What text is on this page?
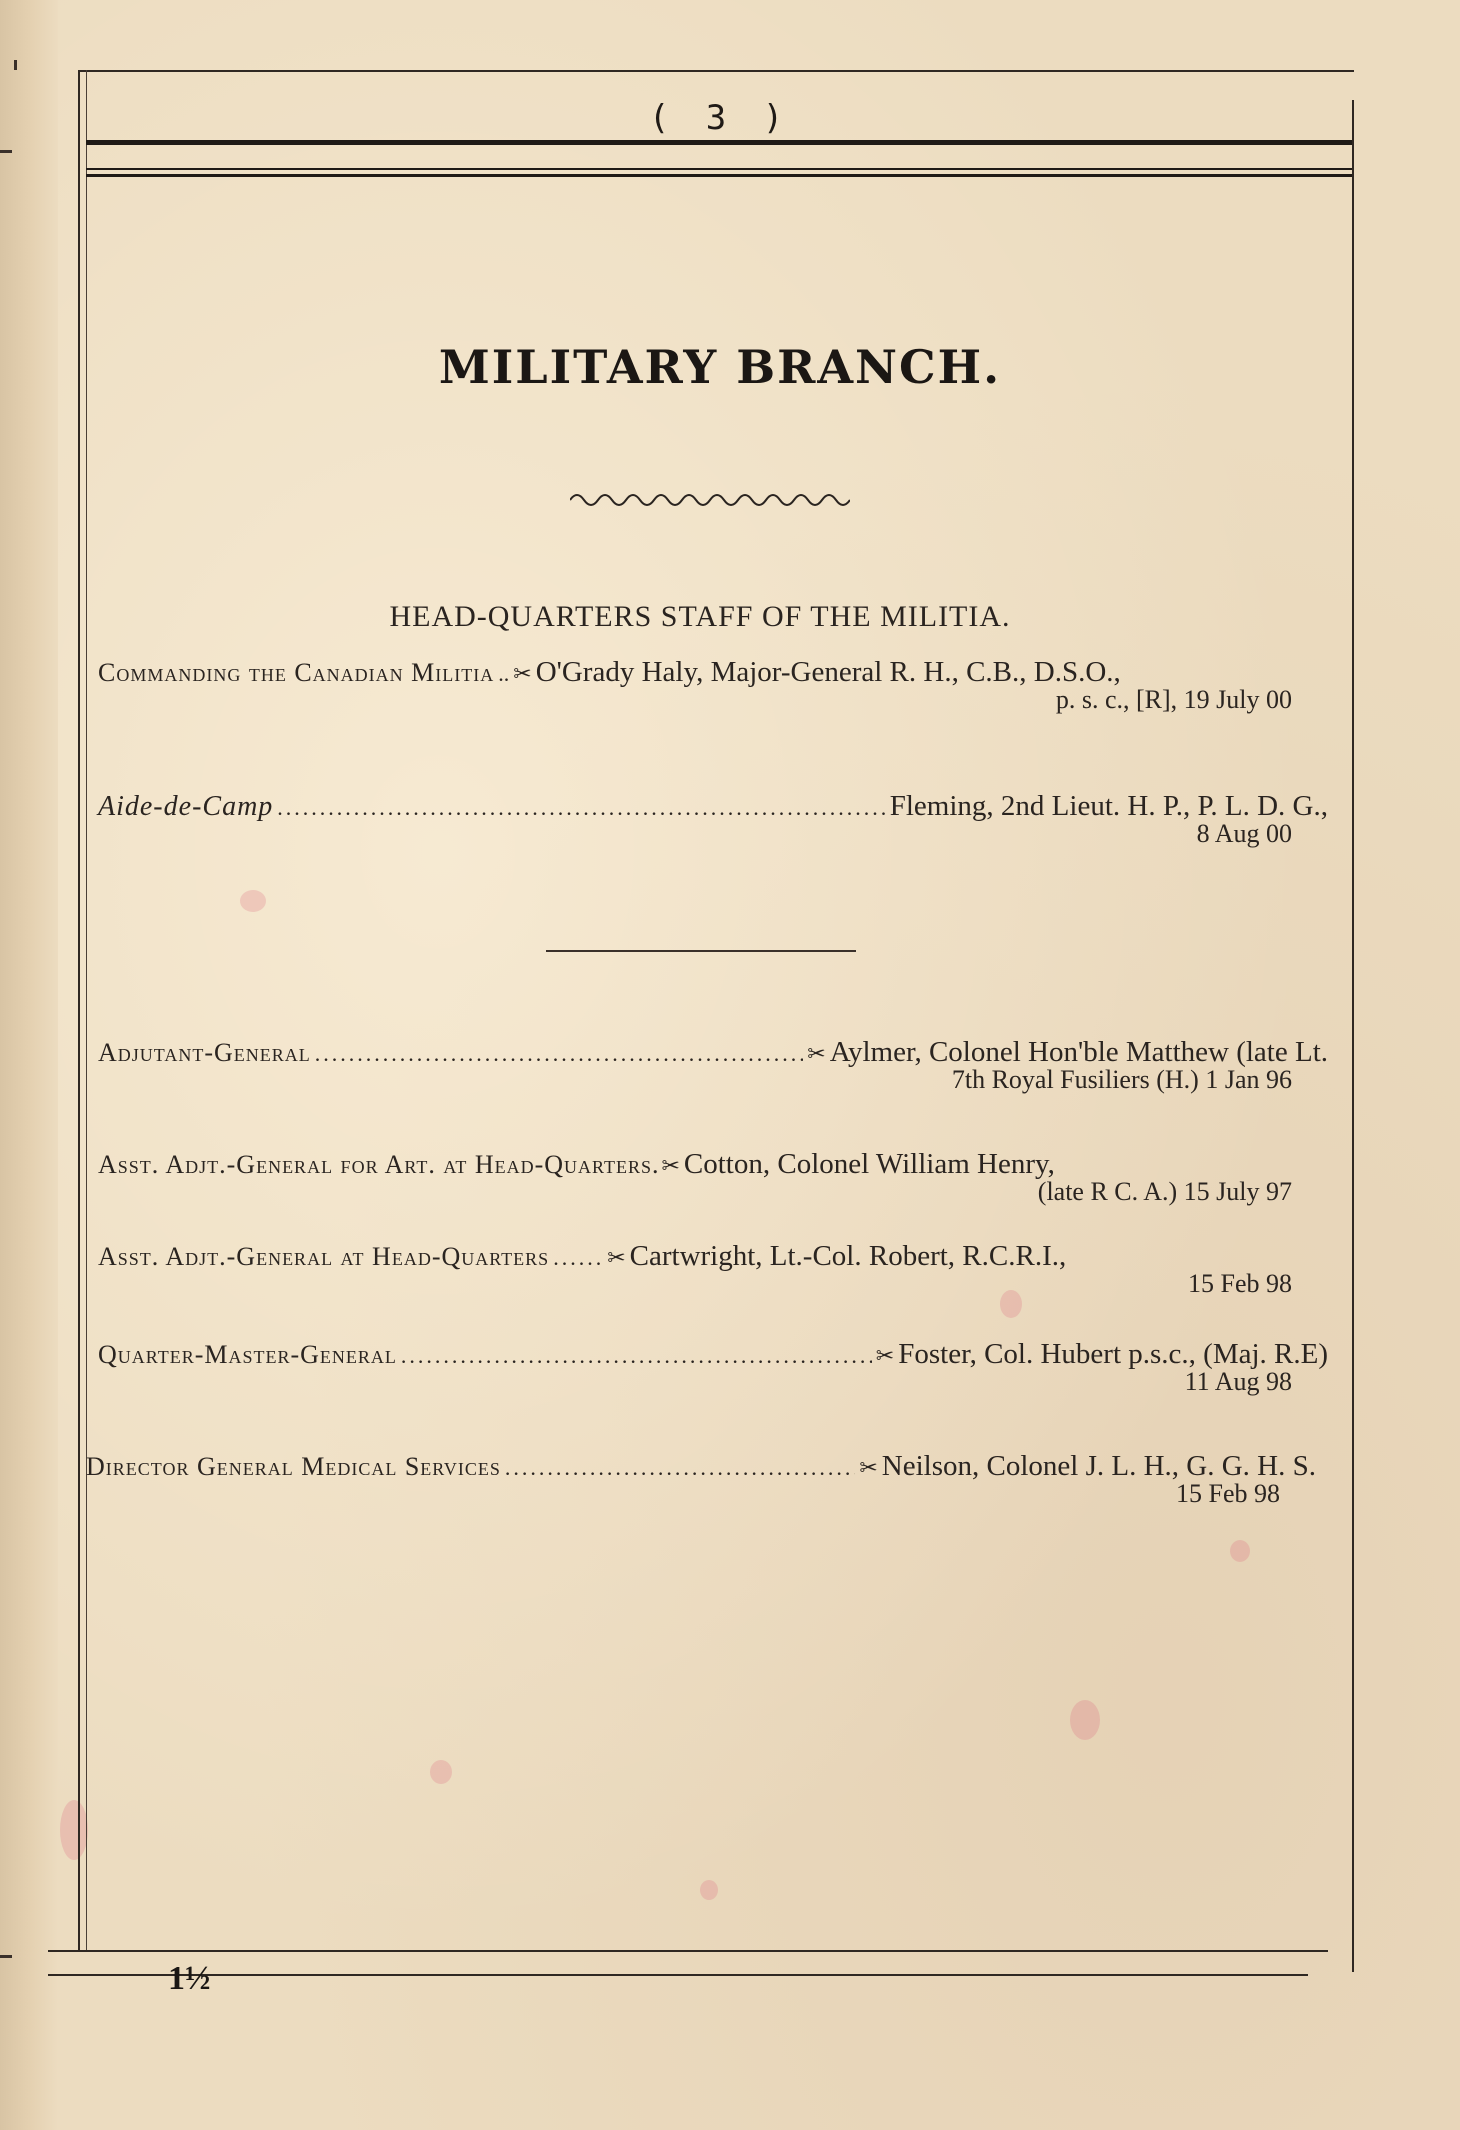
( 3 )
MILITARY BRANCH.
HEAD-QUARTERS STAFF OF THE MILITIA.
Commanding the Canadian Militia .. ✂ O'Grady Haly, Major-General R. H., C.B., D.S.O.,
p. s. c., [R], 19 July 00
Aide-de-Camp .....	Fleming, 2nd Lieut. H. P., P. L. D. G.,
8 Aug 00
Adjutant-General .....	✂ Aylmer, Colonel Hon'ble Matthew (late Lt.
7th Royal Fusiliers (H.) 1 Jan 96
Asst. Adjt.-General for Art. at Head-Quarters. ✂ Cotton, Colonel William Henry,
(late R C. A.) 15 July 97
Asst. Adjt.-General at Head-Quarters .....	✂ Cartwright, Lt.-Col. Robert, R.C.R.I.,
15 Feb 98
Quarter-Master-General .....	✂ Foster, Col. Hubert p.s.c., (Maj. R.E)
11 Aug 98
Director General Medical Services .....	✂ Neilson, Colonel J. L. H., G. G. H. S.
15 Feb 98
1½
